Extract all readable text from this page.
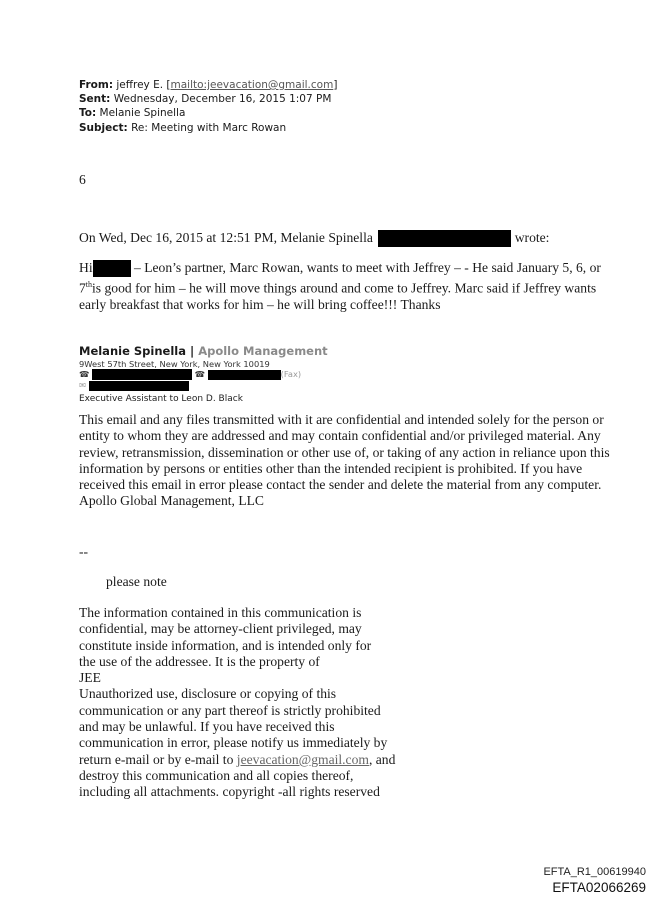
From: jeffrey E. [mailto:jeevacation@gmail.com]
Sent: Wednesday, December 16, 2015 1:07 PM
To: Melanie Spinella
Subject: Re: Meeting with Marc Rowan
6
On Wed, Dec 16, 2015 at 12:51 PM, Melanie Spinella	wrote:
Hi	– Leon’s partner, Marc Rowan, wants to meet with Jeffrey – - He said January 5, 6, or
7this good for him – he will move things around and come to Jeffrey. Marc said if Jeffrey wants
early breakfast that works for him – he will bring coffee!!! Thanks
Melanie Spinella | Apollo Management
9West 57th Street, New York, New York 10019
☎	☎	(Fax)
✉
Executive Assistant to Leon D. Black
This email and any files transmitted with it are confidential and intended solely for the person or
entity to whom they are addressed and may contain confidential and/or privileged material. Any
review, retransmission, dissemination or other use of, or taking of any action in reliance upon this
information by persons or entities other than the intended recipient is prohibited. If you have
received this email in error please contact the sender and delete the material from any computer.
Apollo Global Management, LLC
--
please note
The information contained in this communication is
confidential, may be attorney-client privileged, may
constitute inside information, and is intended only for
the use of the addressee. It is the property of
JEE
Unauthorized use, disclosure or copying of this
communication or any part thereof is strictly prohibited
and may be unlawful. If you have received this
communication in error, please notify us immediately by
return e-mail or by e-mail to jeevacation@gmail.com, and
destroy this communication and all copies thereof,
including all attachments. copyright -all rights reserved
EFTA_R1_00619940
EFTA02066269
